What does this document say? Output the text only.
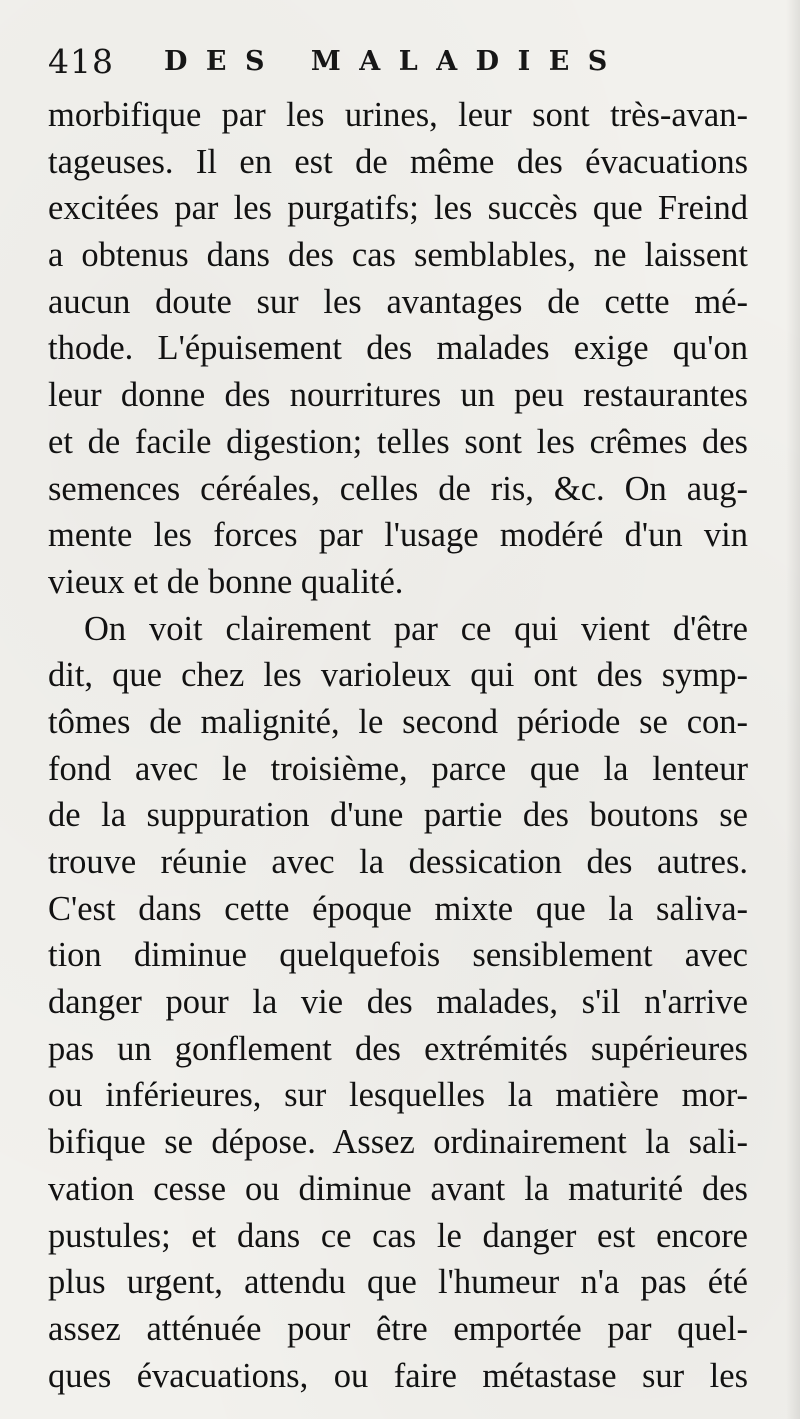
418 DES MALADIES
morbifique par les urines, leur sont très-avan-
tageuses. Il en est de même des évacuations
excitées par les purgatifs; les succès que Freind
a obtenus dans des cas semblables, ne laissent
aucun doute sur les avantages de cette mé-
thode. L'épuisement des malades exige qu'on
leur donne des nourritures un peu restaurantes
et de facile digestion; telles sont les crêmes des
semences céréales, celles de ris, &c. On aug-
mente les forces par l'usage modéré d'un vin
vieux et de bonne qualité.
On voit clairement par ce qui vient d'être
dit, que chez les varioleux qui ont des symp-
tômes de malignité, le second période se con-
fond avec le troisième, parce que la lenteur
de la suppuration d'une partie des boutons se
trouve réunie avec la dessication des autres.
C'est dans cette époque mixte que la saliva-
tion diminue quelquefois sensiblement avec
danger pour la vie des malades, s'il n'arrive
pas un gonflement des extrémités supérieures
ou inférieures, sur lesquelles la matière mor-
bifique se dépose. Assez ordinairement la sali-
vation cesse ou diminue avant la maturité des
pustules; et dans ce cas le danger est encore
plus urgent, attendu que l'humeur n'a pas été
assez atténuée pour être emportée par quel-
ques évacuations, ou faire métastase sur les
